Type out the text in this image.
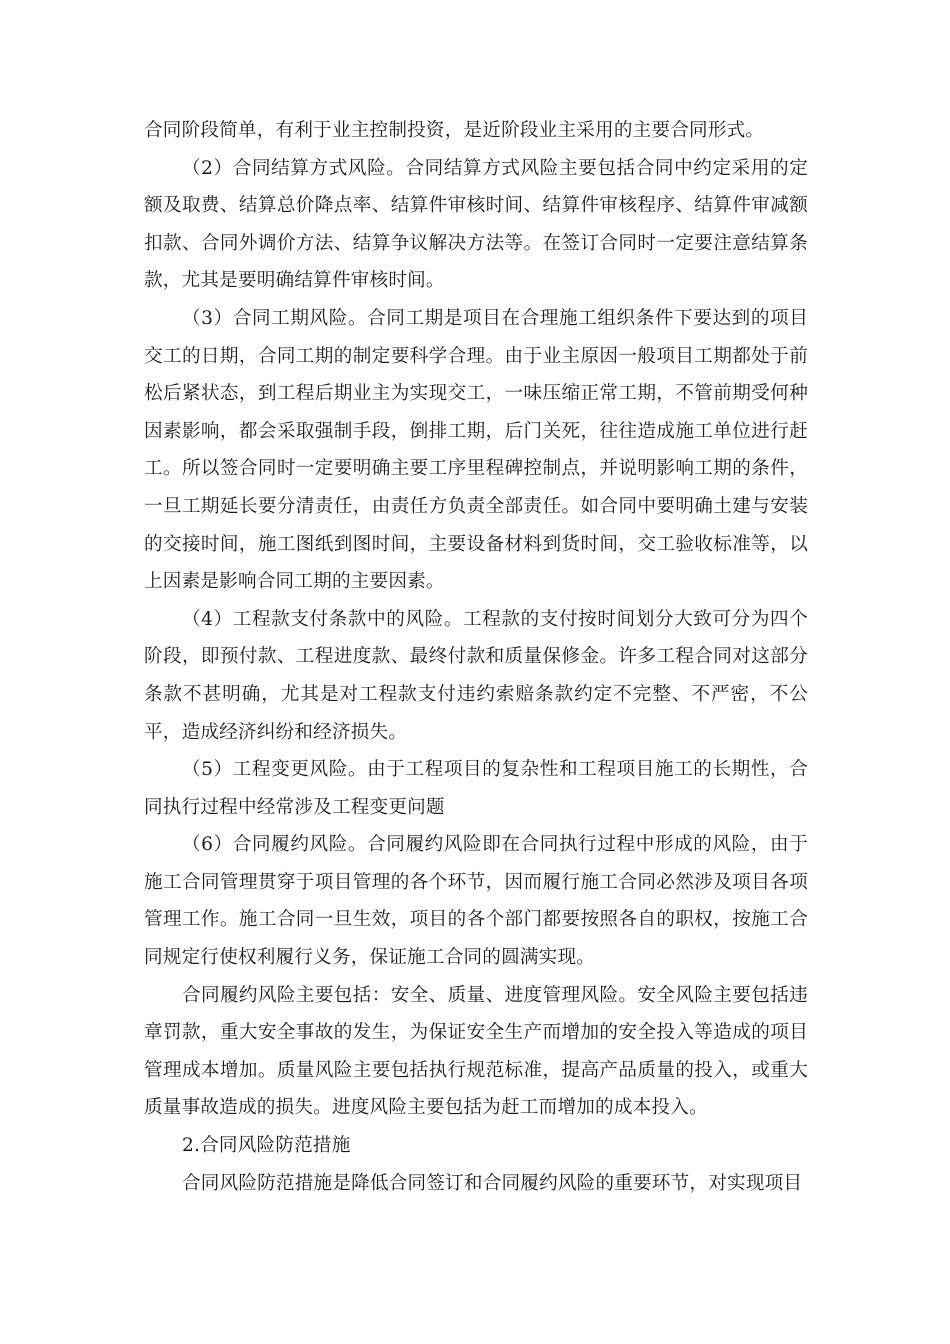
合同阶段简单，有利于业主控制投资，是近阶段业主采用的主要合同形式。

（2）合同结算方式风险。合同结算方式风险主要包括合同中约定采用的定额及取费、结算总价降点率、结算件审核时间、结算件审核程序、结算件审减额扣款、合同外调价方法、结算争议解决方法等。在签订合同时一定要注意结算条款，尤其是要明确结算件审核时间。

（3）合同工期风险。合同工期是项目在合理施工组织条件下要达到的项目交工的日期，合同工期的制定要科学合理。由于业主原因一般项目工期都处于前松后紧状态，到工程后期业主为实现交工，一味压缩正常工期，不管前期受何种因素影响，都会采取强制手段，倒排工期，后门关死，往往造成施工单位进行赶工。所以签合同时一定要明确主要工序里程碑控制点，并说明影响工期的条件，一旦工期延长要分清责任，由责任方负责全部责任。如合同中要明确土建与安装的交接时间，施工图纸到图时间，主要设备材料到货时间，交工验收标准等，以上因素是影响合同工期的主要因素。

（4）工程款支付条款中的风险。工程款的支付按时间划分大致可分为四个阶段，即预付款、工程进度款、最终付款和质量保修金。许多工程合同对这部分条款不甚明确，尤其是对工程款支付违约索赔条款约定不完整、不严密，不公平，造成经济纠纷和经济损失。

（5）工程变更风险。由于工程项目的复杂性和工程项目施工的长期性，合同执行过程中经常涉及工程变更问题

（6）合同履约风险。合同履约风险即在合同执行过程中形成的风险，由于施工合同管理贯穿于项目管理的各个环节，因而履行施工合同必然涉及项目各项管理工作。施工合同一旦生效，项目的各个部门都要按照各自的职权，按施工合同规定行使权利履行义务，保证施工合同的圆满实现。

合同履约风险主要包括：安全、质量、进度管理风险。安全风险主要包括违章罚款，重大安全事故的发生，为保证安全生产而增加的安全投入等造成的项目管理成本增加。质量风险主要包括执行规范标准，提高产品质量的投入，或重大质量事故造成的损失。进度风险主要包括为赶工而增加的成本投入。

2.合同风险防范措施

合同风险防范措施是降低合同签订和合同履约风险的重要环节，对实现项目
